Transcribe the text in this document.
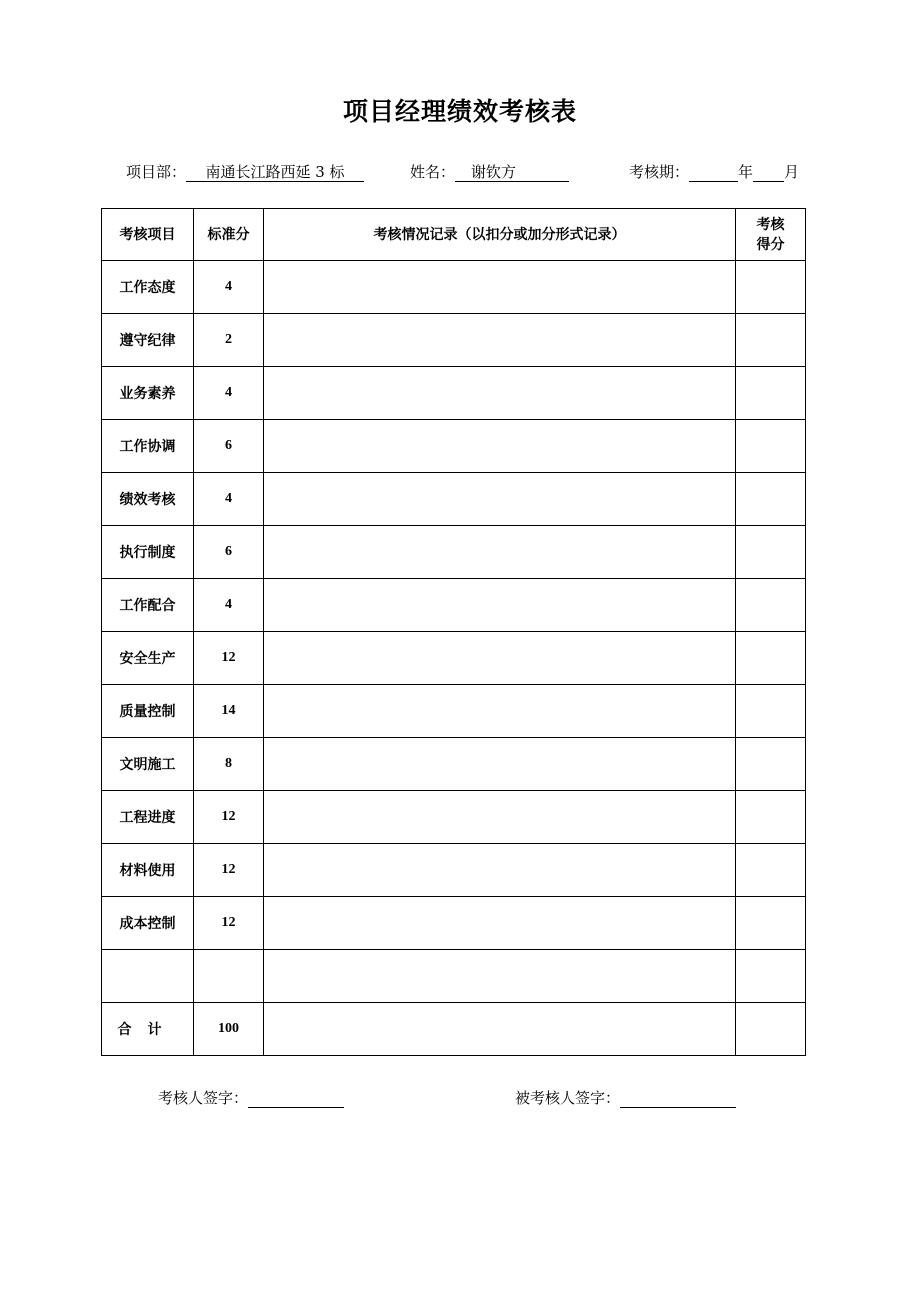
项目经理绩效考核表
项目部： 南通长江路西延 3 标	姓名： 谢钦方	考核期：	年 月
考核项目	标准分	考核情况记录（以扣分或加分形式记录）	考核
得分
工作态度	4		
遵守纪律	2		
业务素养	4		
工作协调	6		
绩效考核	4		
执行制度	6		
工作配合	4		
安全生产	12		
质量控制	14		
文明施工	8		
工程进度	12		
材料使用	12		
成本控制	12		

合计	100		
考核人签字：	被考核人签字：
